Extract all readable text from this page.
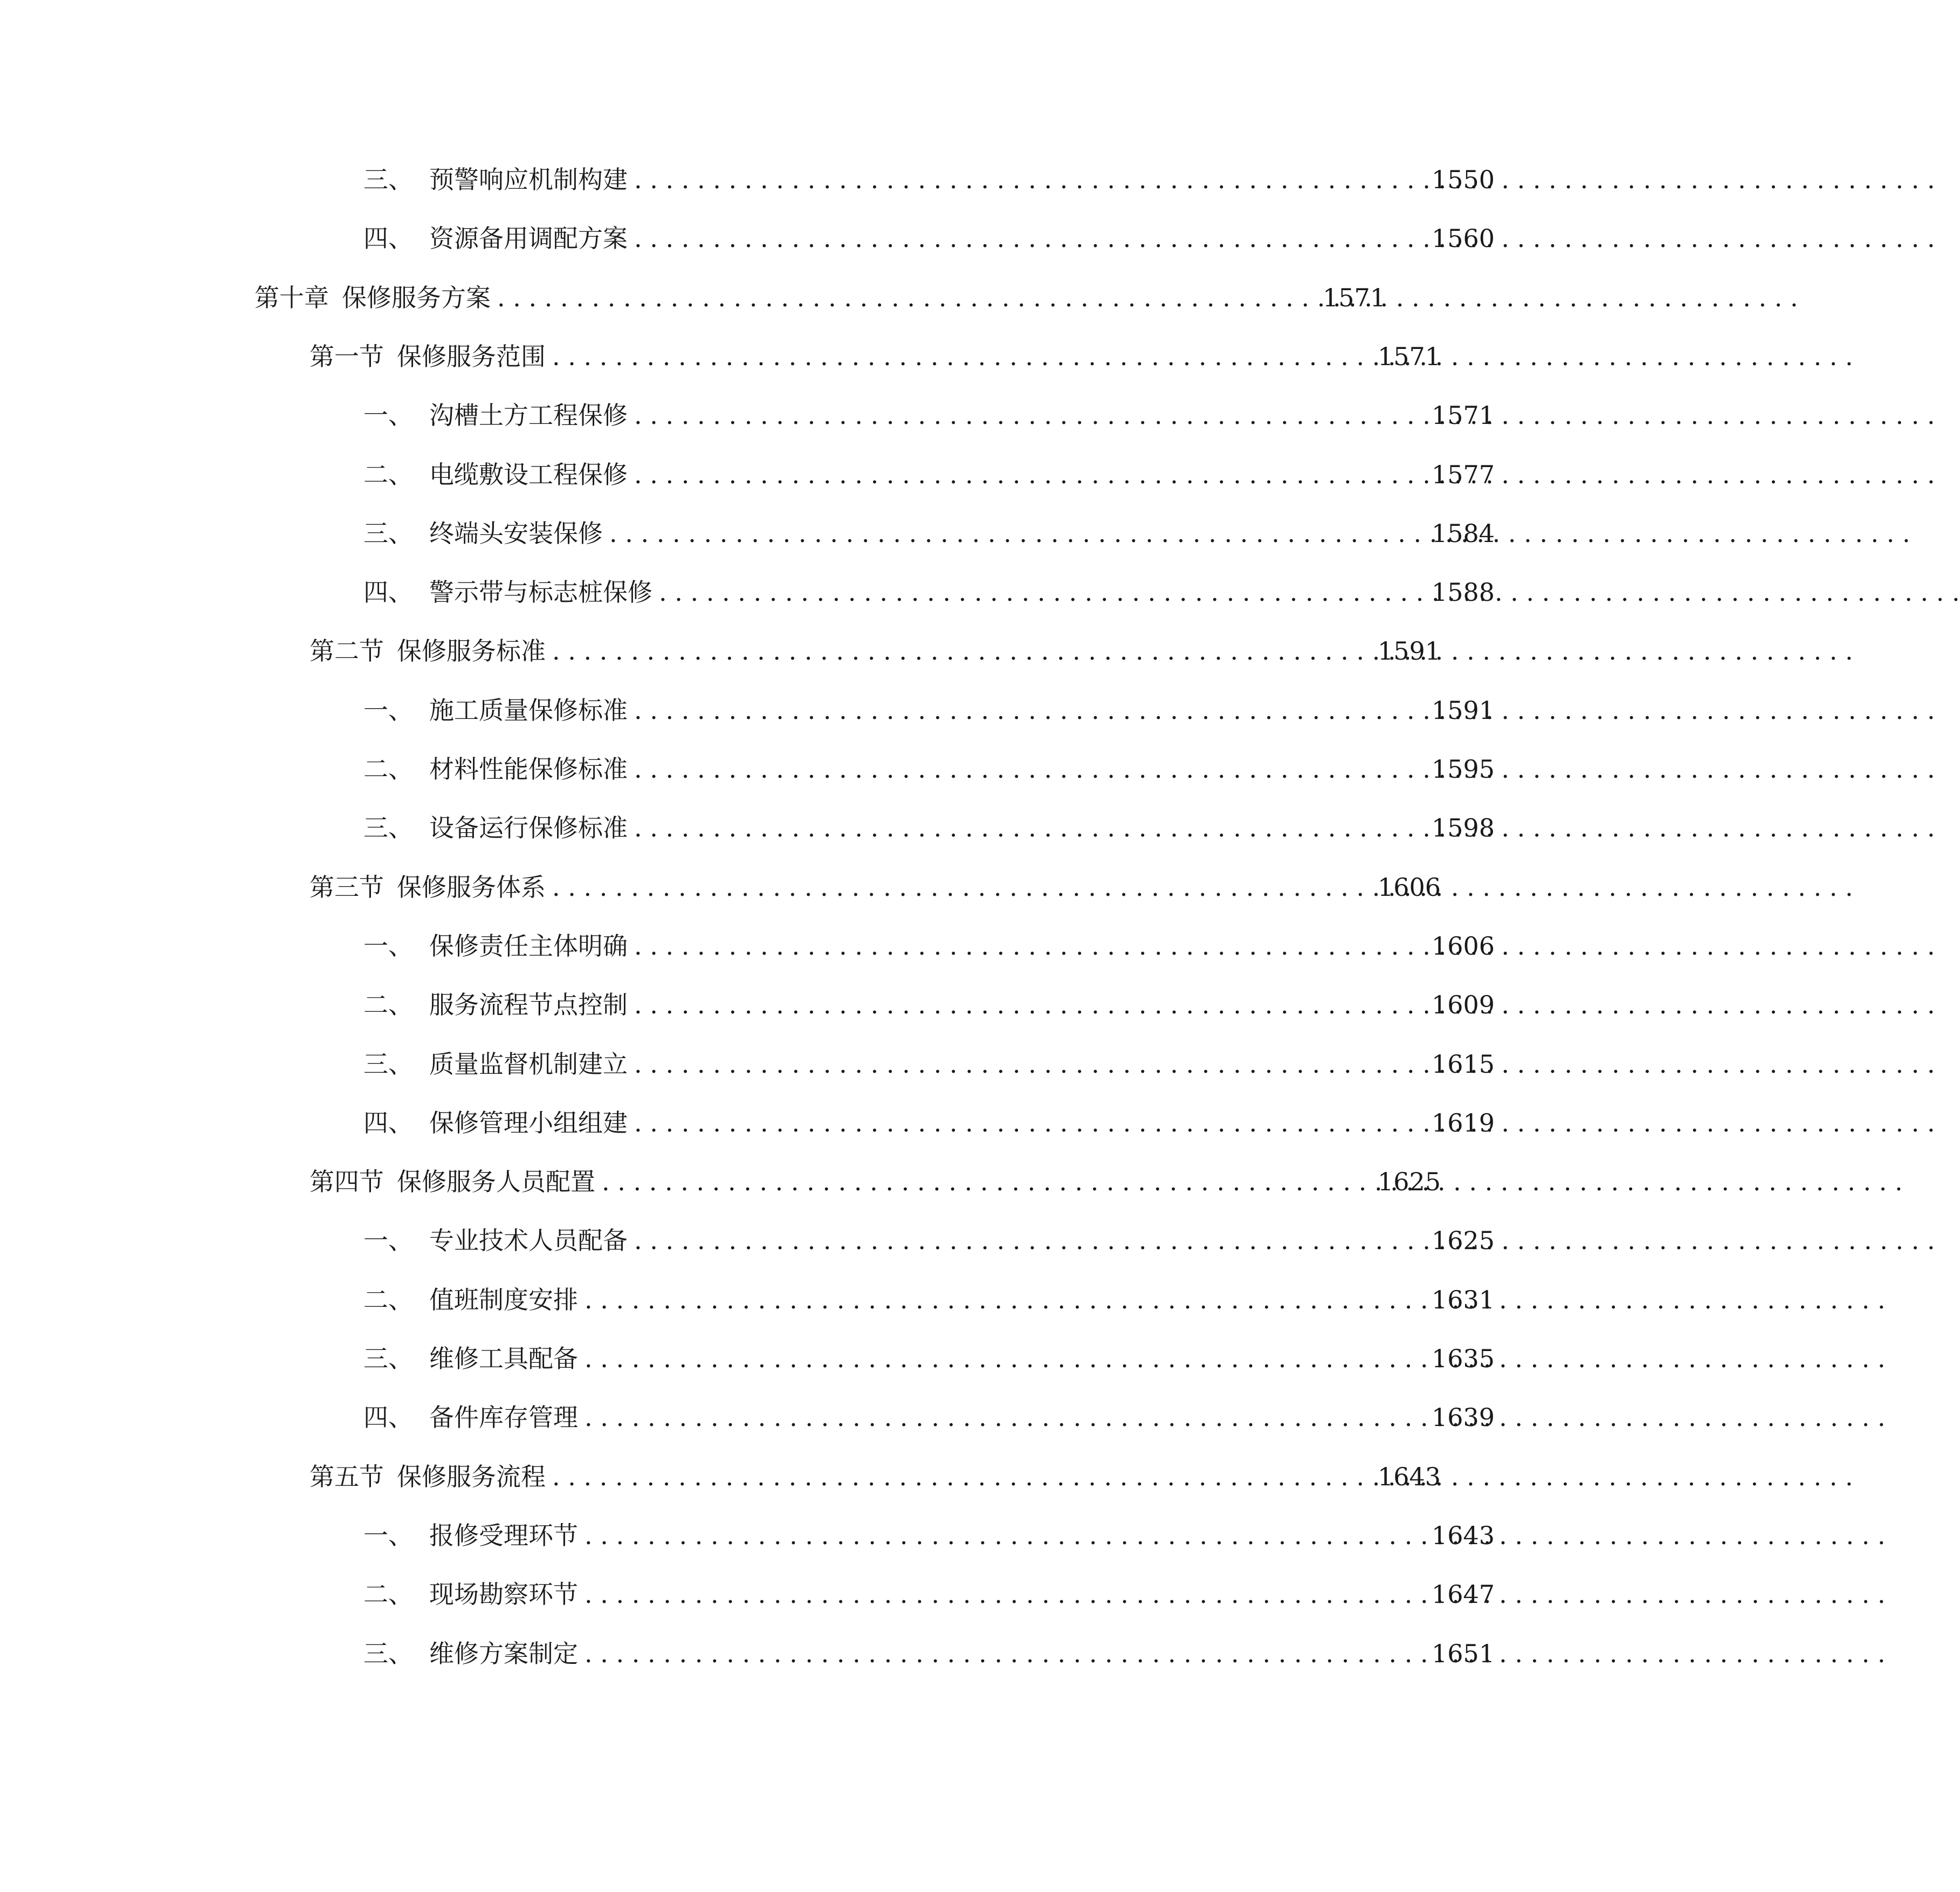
三、 预警响应机制构建 . . .	1550
四、 资源备用调配方案 . . .	1560
第十章 保修服务方案 . . .	1571
第一节 保修服务范围 . . .	1571
一、 沟槽土方工程保修 . . .	1571
二、 电缆敷设工程保修 . . .	1577
三、 终端头安装保修 . . .	1584
四、 警示带与标志桩保修 . . .	1588
第二节 保修服务标准 . . .	1591
一、 施工质量保修标准 . . .	1591
二、 材料性能保修标准 . . .	1595
三、 设备运行保修标准 . . .	1598
第三节 保修服务体系 . . .	1606
一、 保修责任主体明确 . . .	1606
二、 服务流程节点控制 . . .	1609
三、 质量监督机制建立 . . .	1615
四、 保修管理小组组建 . . .	1619
第四节 保修服务人员配置 . . .	1625
一、 专业技术人员配备 . . .	1625
二、 值班制度安排 . . .	1631
三、 维修工具配备 . . .	1635
四、 备件库存管理 . . .	1639
第五节 保修服务流程 . . .	1643
一、 报修受理环节 . . .	1643
二、 现场勘察环节 . . .	1647
三、 维修方案制定 . . .	1651
